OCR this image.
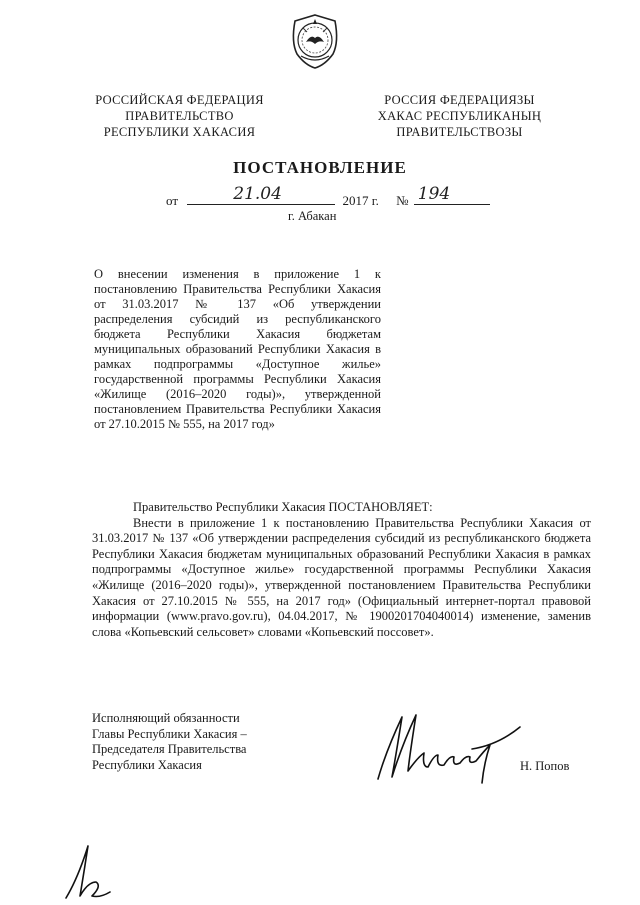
РОССИЙСКАЯ ФЕДЕРАЦИЯ
ПРАВИТЕЛЬСТВО
РЕСПУБЛИКИ ХАКАСИЯ
РОССИЯ ФЕДЕРАЦИЯЗЫ
ХАКАС РЕСПУБЛИКАНЫҢ
ПРАВИТЕЛЬСТВОЗЫ
ПОСТАНОВЛЕНИЕ
от	21.04	2017 г. № 194
г. Абакан
О внесении изменения в приложение 1 к постановлению Правительства Республики Хакасия от 31.03.2017 № 137 «Об утверждении распределения субсидий из республиканского бюджета Республики Хакасия бюджетам муниципальных образований Республики Хакасия в рамках подпрограммы «Доступное жилье» государственной программы Республики Хакасия «Жилище (2016–2020 годы)», утвержденной постановлением Правительства Республики Хакасия от 27.10.2015 № 555, на 2017 год»

Правительство Республики Хакасия ПОСТАНОВЛЯЕТ:

Внести в приложение 1 к постановлению Правительства Республики Хакасия от 31.03.2017 № 137 «Об утверждении распределения субсидий из республиканского бюджета Республики Хакасия бюджетам муниципальных образований Республики Хакасия в рамках подпрограммы «Доступное жилье» государственной программы Республики Хакасия «Жилище (2016–2020 годы)», утвержденной постановлением Правительства Республики Хакасия от 27.10.2015 № 555, на 2017 год» (Официальный интернет-портал правовой информации (www.pravo.gov.ru), 04.04.2017, № 1900201704040014) изменение, заменив слова «Копьевский сельсовет» словами «Копьевский поссовет».

Исполняющий обязанности
Главы Республики Хакасия –
Председателя Правительства
Республики Хакасия	Н. Попов
